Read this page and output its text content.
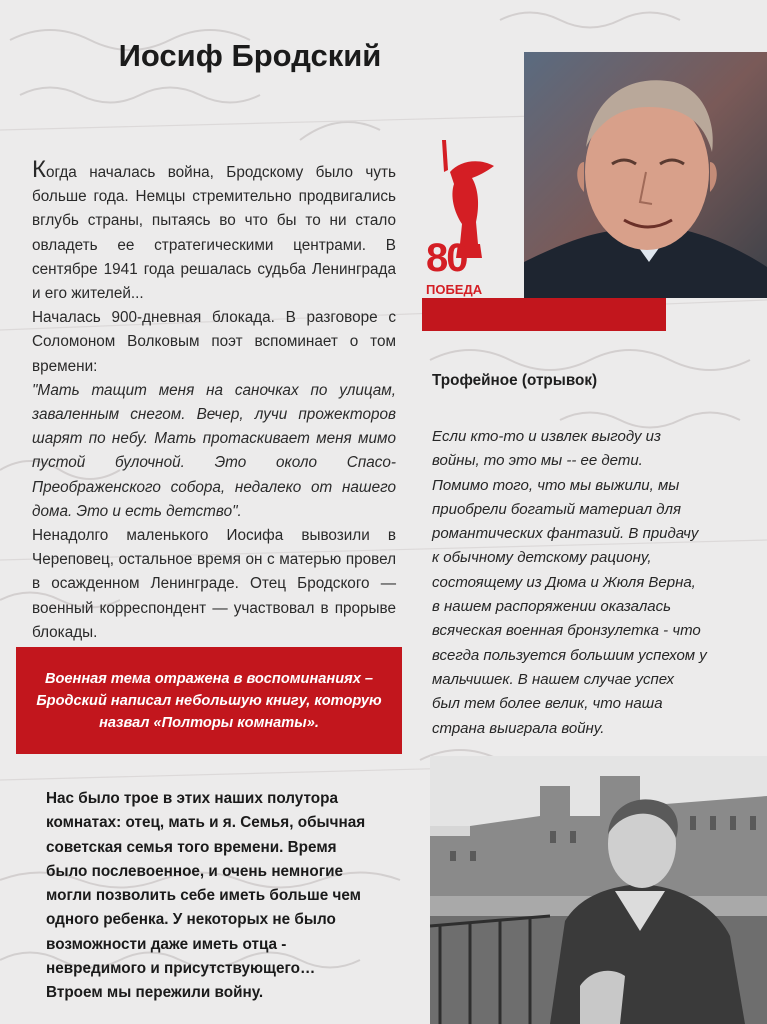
Иосиф Бродский
80
ПОБЕДА

Когда началась война, Бродскому было чуть больше года. Немцы стремительно продвигались вглубь страны, пытаясь во что бы то ни стало овладеть ее стратегическими центрами. В сентябре 1941 года решалась судьба Ленинграда и его жителей...

Началась 900-дневная блокада. В разговоре с Соломоном Волковым поэт вспоминает о том времени:

"Мать тащит меня на саночках по улицам, заваленным снегом. Вечер, лучи прожекторов шарят по небу. Мать протаскивает меня мимо пустой булочной. Это около Спасо-Преображенского собора, недалеко от нашего дома. Это и есть детство".

Ненадолго маленького Иосифа вывозили в Череповец, остальное время он с матерью провел в осажденном Ленинграде. Отец Бродского — военный корреспондент — участвовал в прорыве блокады.

Военная тема отражена в воспоминаниях – Бродский написал небольшую книгу, которую назвал «Полторы комнаты».
Трофейное (отрывок)

Если кто-то и извлек выгоду из

войны, то это мы -- ее дети.

Помимо того, что мы выжили, мы

приобрели богатый материал для

романтических фантазий. В придачу

к обычному детскому рациону,

состоящему из Дюма и Жюля Верна,

в нашем распоряжении оказалась

всяческая военная бронзулетка - что

всегда пользуется большим успехом у

мальчишек. В нашем случае успех

был тем более велик, что наша

страна выиграла войну.

Нас было трое в этих наших полутора

комнатах: отец, мать и я. Семья, обычная

советская семья того времени. Время

было послевоенное, и очень немногие

могли позволить себе иметь больше чем

одного ребенка. У некоторых не было

возможности даже иметь отца -

невредимого и присутствующего…

Втроем мы пережили войну.
